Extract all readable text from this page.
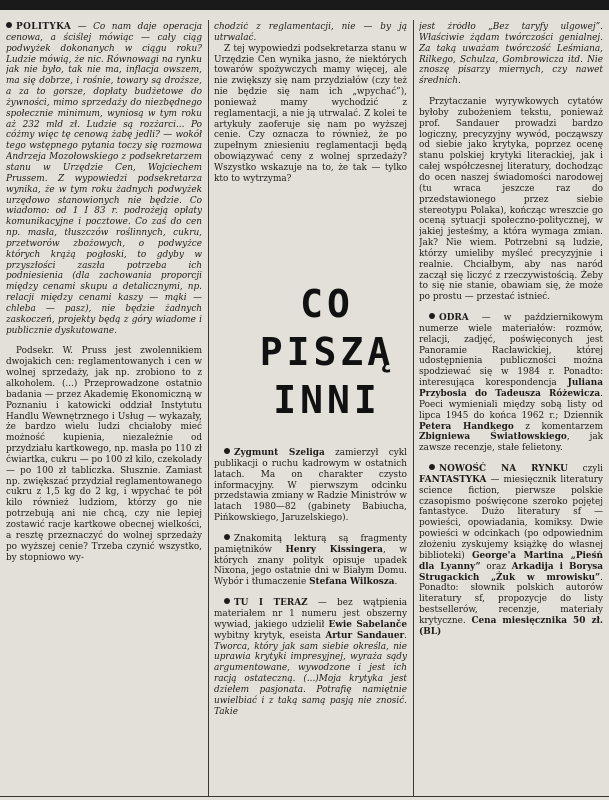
POLITYKA — Co nam daje operacja cenowa, a ściślej mówiąc — cały ciąg podwyżek dokonanych w ciągu roku? Ludzie mówią, że nic. Równowagi na rynku jak nie było, tak nie ma, inflacja owszem, ma się dobrze, i rośnie, towary są droższe, a za to gorsze, dopłaty budżetowe do żywności, mimo sprzedaży do niezbędnego społecznie minimum, wyniosą w tym roku aż 232 mld zł. Ludzie są rozżarci... Po cóżmy więc tę cenową żabę jedli? — wokół tego wstępnego pytania toczy się rozmowa Andrzeja Mozołowskiego z podsekretarzem stanu w Urzędzie Cen, Wojciechem Prussem. Z wypowiedzi podsekretarza wynika, że w tym roku żadnych podwyżek urzędowo stanowionych nie będzie. Co wiadomo: od 1 I 83 r. podrożeją opłaty komunikacyjne i pocztowe. Co zaś do cen np. masła, tłuszczów roślinnych, cukru, przetworów zbożowych, o podwyżce których krążą pogłoski, to gdyby w przyszłości zaszła potrzeba ich podniesienia (dla zachowania proporcji między cenami skupu a detalicznymi, np. relacji między cenami kaszy — mąki — chleba — pasz), nie będzie żadnych zaskoczeń, projekty będą z góry wiadome i publicznie dyskutowane.

Podsekr. W. Pruss jest zwolennikiem dwojakich cen: reglamentowanych i cen w wolnej sprzedaży, jak np. zrobiono to z alkoholem. (...) Przeprowadzone ostatnio badania — przez Akademię Ekonomiczną w Poznaniu i katowicki oddział Instytutu Handlu Wewnętrznego i Usług — wykazały, że bardzo wielu ludzi chciałoby mieć możność kupienia, niezależnie od przydziału kartkowego, np. masła po 110 zł ćwiartka, cukru — po 100 zł kilo, czekolady — po 100 zł tabliczka. Słusznie. Zamiast np. zwiększać przydział reglamentowanego cukru z 1,5 kg do 2 kg, i wpychać te pół kilo również ludziom, którzy go nie potrzebują ani nie chcą, czy nie lepiej zostawić racje kartkowe obecnej wielkości, a resztę przeznaczyć do wolnej sprzedaży po wyższej cenie? Trzeba czynić wszystko, by stopniowo wy-

chodzić z reglamentacji, nie — by ją utrwalać.

Z tej wypowiedzi podsekretarza stanu w Urzędzie Cen wynika jasno, że niektórych towarów spożywczych mamy więcej, ale nie zwiększy się nam przydziałów (czy też nie będzie się nam ich „wpychać”), ponieważ mamy wychodzić z reglamentacji, a nie ją utrwalać. Z kolei te artykuły zaoferuje się nam po wyższej cenie. Czy oznacza to również, że po zupełnym zniesieniu reglamentacji będą obowiązywać ceny z wolnej sprzedaży? Wszystko wskazuje na to, że tak — tylko kto to wytrzyma?

CO
PISZĄ
INNI

Zygmunt Szeliga zamierzył cykl publikacji o ruchu kadrowym w ostatnich latach. Ma on charakter czysto informacyjny. W pierwszym odcinku przedstawia zmiany w Radzie Ministrów w latach 1980—82 (gabinety Babiucha, Pińkowskiego, Jaruzelskiego).

Znakomitą lekturą są fragmenty pamiętników Henry Kissingera, w których znany polityk opisuje upadek Nixona, jego ostatnie dni w Białym Domu. Wybór i tłumaczenie Stefana Wilkosza.

TU I TERAZ — bez wątpienia materiałem nr 1 numeru jest obszerny wywiad, jakiego udzielił Ewie Sabelanče wybitny krytyk, eseista Artur Sandauer. Tworca, który jak sam siebie określa, nie uprawia krytyki impresyjnej, wyraża sądy argumentowane, wywodzone i jest ich racją ostateczną. (...)Moja krytyka jest dziełem pasjonata. Potrafię namiętnie uwielbiać i z taką samą pasją nie znosić. Takie

jest źródło „Bez taryfy ulgowej”. Właściwie żądam twórczości genialnej. Za taką uważam twórczość Leśmiana, Rilkego, Schulza, Gombrowicza itd. Nie znoszę pisarzy miernych, czy nawet średnich.

Przytaczanie wyrywkowych cytatów byłoby zubożeniem tekstu, ponieważ prof. Sandauer prowadzi bardzo logiczny, precyzyjny wywód, począwszy od siebie jako krytyka, poprzez ocenę stanu polskiej krytyki literackiej, jak i całej współczesnej literatury, dochodząc do ocen naszej świadomości narodowej (tu wraca jeszcze raz do przedstawionego przez siebie stereotypu Polaka), kończąc wreszcie go oceną sytuacji społeczno-politycznej, w jakiej jesteśmy, a która wymaga zmian. Jak? Nie wiem. Potrzebni są ludzie, którzy umieliby myśleć precyzyjnie i realnie. Chciałbym, aby nas naród zaczął się liczyć z rzeczywistością. Żeby to się nie stanie, obawiam się, że może po prostu — przestać istnieć.

ODRA — w październikowym numerze wiele materiałów: rozmów, relacji, zadjęć, poświęconych jest Panoramie Racławickiej, której udostępnienia publiczności można spodziewać się w 1984 r. Ponadto: interesująca korespondencja Juliana Przybosia do Tadeusza Różewicza. Poeci wymieniali między sobą listy od lipca 1945 do końca 1962 r.; Dziennik Petera Handkego z komentarzem Zbigniewa Światłowskiego, jak zawsze recenzje, stałe felietony.

NOWOŚĆ NA RYNKU czyli FANTASTYKA — miesięcznik literatury science fiction, pierwsze polskie czasopismo poświęcone szeroko pojętej fantastyce. Dużo literatury sf — powieści, opowiadania, komiksy. Dwie powieści w odcinkach (po odpowiednim złożeniu zyskujemy książkę do własnej biblioteki) George'a Martina „Pieśń dla Lyanny” oraz Arkadija i Borysa Strugackich „Żuk w mrowisku”. Ponadto: słownik polskich autorów literatury sf, propozycje do listy bestsellerów, recenzje, materiały krytyczne. Cena miesięcznika 50 zł. (BL)
